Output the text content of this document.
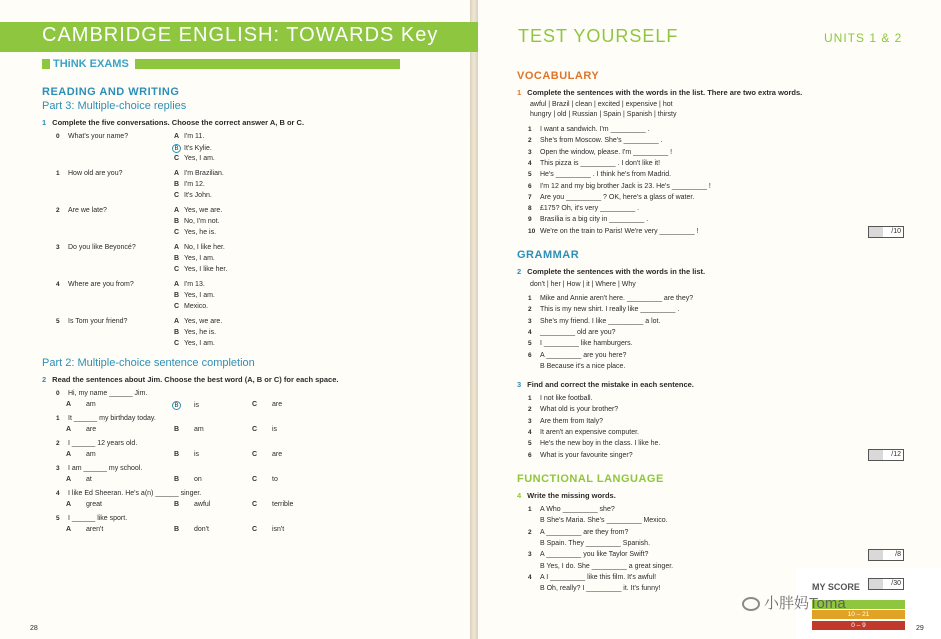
CAMBRIDGE ENGLISH: TOWARDS Key
THiNK EXAMS
READING AND WRITING
Part 3: Multiple-choice replies
1 Complete the five conversations. Choose the correct answer A, B or C.
0 What's your name?	A I'm 11.
B It's Kylie.
C Yes, I am.
1 How old are you?	A I'm Brazilian.
B I'm 12.
C It's John.
2 Are we late?	A Yes, we are.
B No, I'm not.
C Yes, he is.
3 Do you like Beyoncé?	A No, I like her.
B Yes, I am.
C Yes, I like her.
4 Where are you from?	A I'm 13.
B Yes, I am.
C Mexico.
5 Is Tom your friend?	A Yes, we are.
B Yes, he is.
C Yes, I am.
Part 2: Multiple-choice sentence completion
2 Read the sentences about Jim. Choose the best word (A, B or C) for each space.
0 Hi, my name ______ Jim.
A am	B is	C are
1 It ______ my birthday today.
A are	B am	C is
2 I ______ 12 years old.
A am	B is	C are
3 I am ______ my school.
A at	B on	C to
4 I like Ed Sheeran. He's a(n) ______ singer.
A great	B awful	C terrible
5 I ______ like sport.
A aren't	B don't	C isn't
28
TEST YOURSELF	UNITS 1 & 2
VOCABULARY
1 Complete the sentences with the words in the list. There are two extra words.
awful | Brazil | clean | excited | expensive | hot
hungry | old | Russian | Spain | Spanish | thirsty
1 I want a sandwich. I'm _________ .
2 She's from Moscow. She's _________ .
3 Open the window, please. I'm _________ !
4 This pizza is _________ . I don't like it!
5 He's _________ . I think he's from Madrid.
6 I'm 12 and my big brother Jack is 23. He's _________ !
7 Are you _________ ? OK, here's a glass of water.
8 £175? Oh, it's very _________ .
9 Brasília is a big city in _________ .
10 We're on the train to Paris! We're very _________ !	/10
GRAMMAR
2 Complete the sentences with the words in the list.
don't | her | How | it | Where | Why
1 Mike and Annie aren't here. _________ are they?
2 This is my new shirt. I really like _________ .
3 She's my friend. I like _________ a lot.
4 _________ old are you?
5 I _________ like hamburgers.
6 A _________ are you here?
B Because it's a nice place.
3 Find and correct the mistake in each sentence.
1 I not like football.
2 What old is your brother?
3 Are them from Italy?
4 It aren't an expensive computer.
5 He's the new boy in the class. I like he.
6 What is your favourite singer?	/12
FUNCTIONAL LANGUAGE
4 Write the missing words.
1 A Who _________ she?
B She's Maria. She's _________ Mexico.
2 A _________ are they from?
B Spain. They _________ Spanish.
3 A _________ you like Taylor Swift?
B Yes, I do. She _________ a great singer.
4 A I _________ like this film. It's awful!
B Oh, really? I _________ it. It's funny!
/8
MY SCORE	/30
10 – 21
0 – 9
小胖妈Toma
29
